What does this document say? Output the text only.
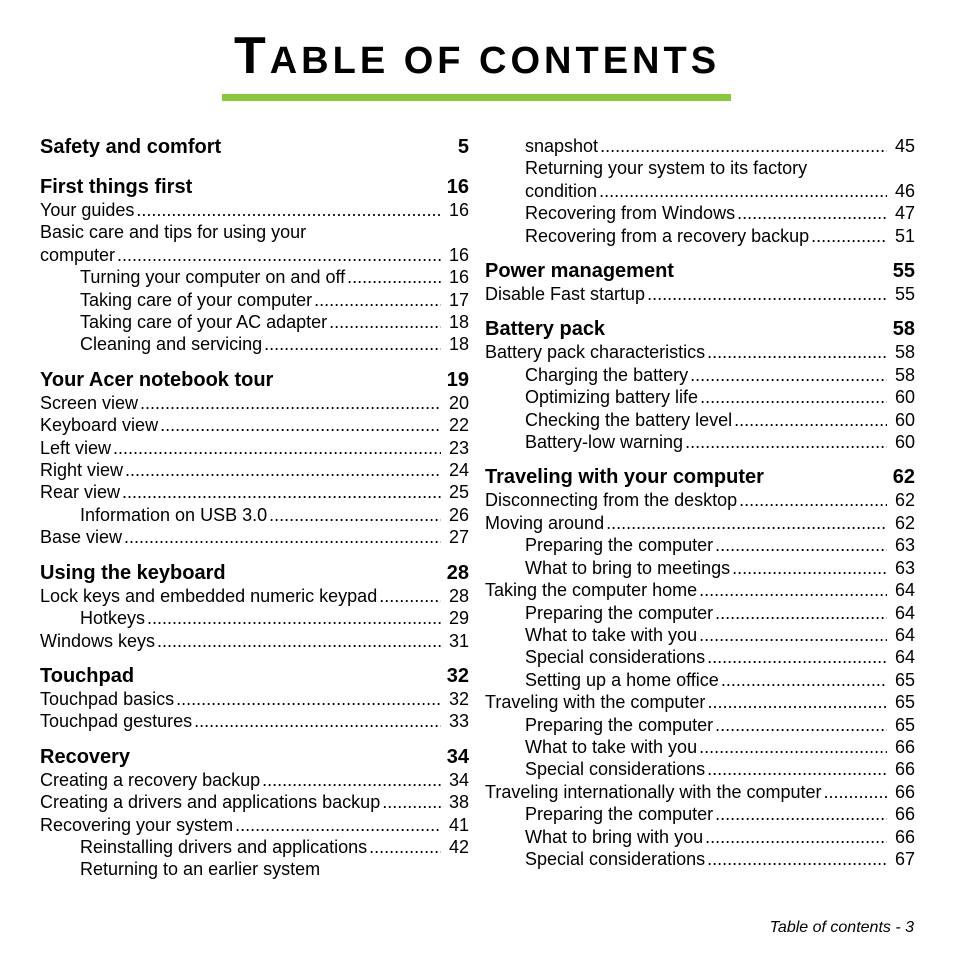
TABLE OF CONTENTS
Safety and comfort	5
First things first	16
Your guides .....	16
Basic care and tips for using your
computer .....	16
Turning your computer on and off .....	16
Taking care of your computer .....	17
Taking care of your AC adapter .....	18
Cleaning and servicing .....	18
Your Acer notebook tour	19
Screen view .....	20
Keyboard view .....	22
Left view .....	23
Right view .....	24
Rear view .....	25
Information on USB 3.0 .....	26
Base view .....	27
Using the keyboard	28
Lock keys and embedded numeric keypad .....	28
Hotkeys .....	29
Windows keys .....	31
Touchpad	32
Touchpad basics .....	32
Touchpad gestures .....	33
Recovery	34
Creating a recovery backup .....	34
Creating a drivers and applications backup .....	38
Recovering your system .....	41
Reinstalling drivers and applications .....	42
Returning to an earlier system
snapshot .....	45
Returning your system to its factory
condition .....	46
Recovering from Windows .....	47
Recovering from a recovery backup .....	51
Power management	55
Disable Fast startup .....	55
Battery pack	58
Battery pack characteristics .....	58
Charging the battery .....	58
Optimizing battery life .....	60
Checking the battery level .....	60
Battery-low warning .....	60
Traveling with your computer	62
Disconnecting from the desktop .....	62
Moving around .....	62
Preparing the computer .....	63
What to bring to meetings .....	63
Taking the computer home .....	64
Preparing the computer .....	64
What to take with you .....	64
Special considerations .....	64
Setting up a home office .....	65
Traveling with the computer .....	65
Preparing the computer .....	65
What to take with you .....	66
Special considerations .....	66
Traveling internationally with the computer .....	66
Preparing the computer .....	66
What to bring with you .....	66
Special considerations .....	67
Table of contents - 3
